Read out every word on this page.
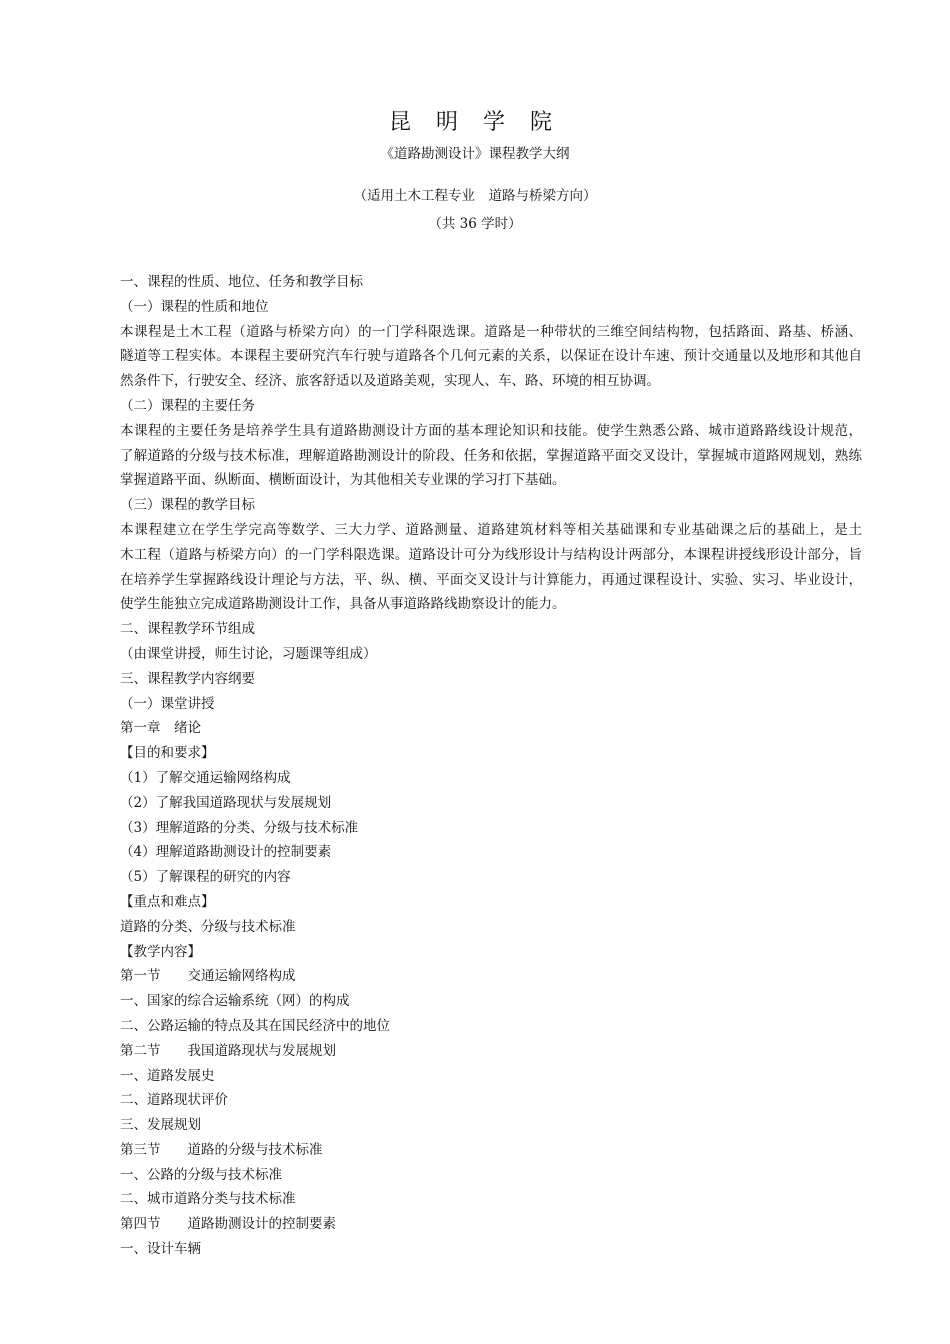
昆 明 学 院
《道路勘测设计》课程教学大纲
（适用土木工程专业　道路与桥梁方向）
（共 36 学时）
一、课程的性质、地位、任务和教学目标
（一）课程的性质和地位
本课程是土木工程（道路与桥梁方向）的一门学科限选课。道路是一种带状的三维空间结构物，包括路面、路基、桥涵、
隧道等工程实体。本课程主要研究汽车行驶与道路各个几何元素的关系，以保证在设计车速、预计交通量以及地形和其他自
然条件下，行驶安全、经济、旅客舒适以及道路美观，实现人、车、路、环境的相互协调。
（二）课程的主要任务
本课程的主要任务是培养学生具有道路勘测设计方面的基本理论知识和技能。使学生熟悉公路、城市道路路线设计规范，
了解道路的分级与技术标准，理解道路勘测设计的阶段、任务和依据，掌握道路平面交叉设计，掌握城市道路网规划，熟练
掌握道路平面、纵断面、横断面设计，为其他相关专业课的学习打下基础。
（三）课程的教学目标
本课程建立在学生学完高等数学、三大力学、道路测量、道路建筑材料等相关基础课和专业基础课之后的基础上，是土
木工程（道路与桥梁方向）的一门学科限选课。道路设计可分为线形设计与结构设计两部分，本课程讲授线形设计部分，旨
在培养学生掌握路线设计理论与方法，平、纵、横、平面交叉设计与计算能力，再通过课程设计、实验、实习、毕业设计，
使学生能独立完成道路勘测设计工作，具备从事道路路线勘察设计的能力。
二、课程教学环节组成
（由课堂讲授，师生讨论，习题课等组成）
三、课程教学内容纲要
（一）课堂讲授
第一章　绪论
【目的和要求】
（1）了解交通运输网络构成
（2）了解我国道路现状与发展规划
（3）理解道路的分类、分级与技术标准
（4）理解道路勘测设计的控制要素
（5）了解课程的研究的内容
【重点和难点】
道路的分类、分级与技术标准
【教学内容】
第一节　　交通运输网络构成
一、国家的综合运输系统（网）的构成
二、公路运输的特点及其在国民经济中的地位
第二节　　我国道路现状与发展规划
一、道路发展史
二、道路现状评价
三、发展规划
第三节　　道路的分级与技术标准
一、公路的分级与技术标准
二、城市道路分类与技术标准
第四节　　道路勘测设计的控制要素
一、设计车辆
